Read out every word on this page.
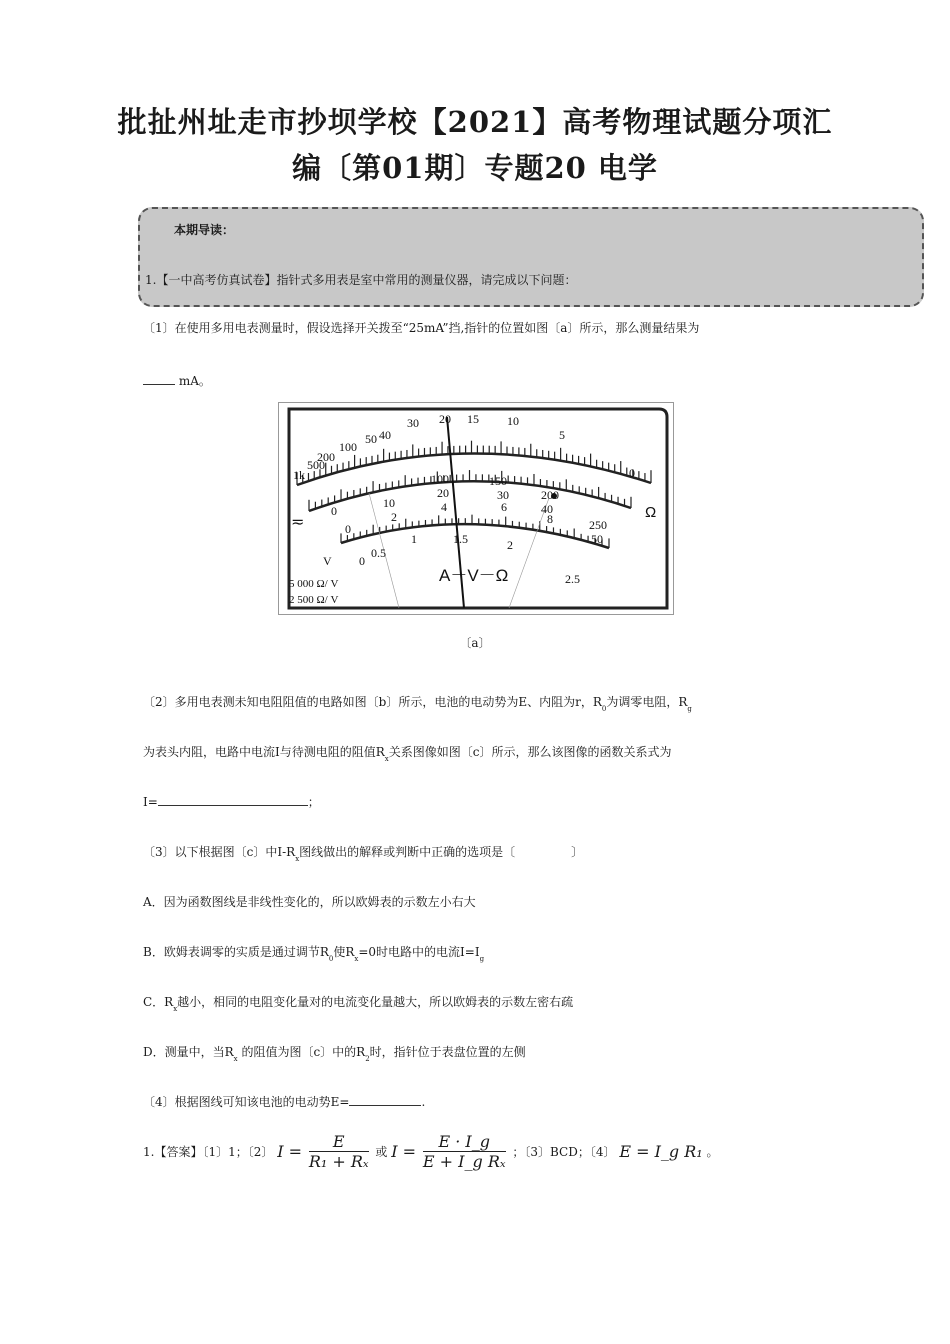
批扯州址走市抄坝学校【2021】高考物理试题分项汇
编〔第01期〕专题20 电学
本期导读：
1.【一中高考仿真试卷】指针式多用表是室中常用的测量仪器，请完成以下问题：
〔1〕在使用多用电表测量时，假设选择开关拨至“25mA”挡,指针的位置如图〔a〕所示，那么测量结果为
mA。
1k
500
200
100
50 40
30 20 15 10
5
0
0
10
100	150
200
250
0
2
20
4
30
6	40
8
50
0
0.5
1	1.5	2
2.5
A－V－Ω
Ω
≂
V
5 000 Ω/ V
2 500 Ω/ V
〔a〕
〔2〕多用电表测未知电阻阻值的电路如图〔b〕所示，电池的电动势为E、内阻为r，$R_0$为调零电阻，$R_g$
为表头内阻，电路中电流I与待测电阻的阻值$R_x$关系图像如图〔c〕所示，那么该图像的函数关系式为
I=	；
〔3〕以下根据图〔c〕中$I-R_x$图线做出的解释或判断中正确的选项是〔	〕
A．因为函数图线是非线性变化的，所以欧姆表的示数左小右大
B．欧姆表调零的实质是通过调节$R_0$使$R_x=0$时电路中的电流$I=I_g$
C．$R_x$越小，相同的电阻变化量对的电流变化量越大，所以欧姆表的示数左密右疏
D．测量中，当$R_x$ 的阻值为图〔c〕中的$R_2$时，指针位于表盘位置的左侧
〔4〕根据图线可知该电池的电动势E=	.
1.【答案】〔1〕1；〔2〕 $I = \frac{E}{\text{R₁ + Rₓ}}$ 或 $I = \frac{E \cdot I\_g}{\text{E + I\_g Rₓ}}$ ；〔3〕BCD；〔4〕 E = I_g R₁ 。
